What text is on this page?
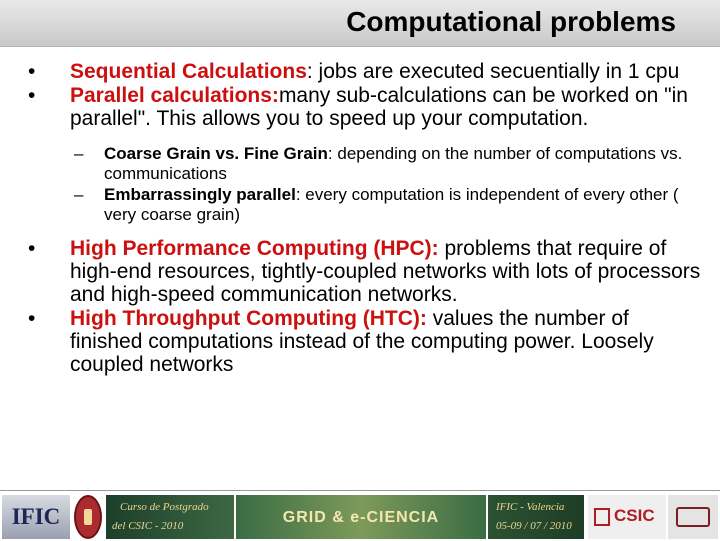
Computational problems
• Sequential Calculations: jobs are executed secuentially in 1 cpu
• Parallel calculations:many sub-calculations can be worked on "in parallel". This allows you to speed up your computation.
– Coarse Grain vs. Fine Grain: depending on the number of computations vs. communications
– Embarrassingly parallel: every computation is independent of every other ( very coarse grain)
• High Performance Computing (HPC): problems that require of high-end resources, tightly-coupled networks with lots of processors and high-speed communication networks.
• High Throughput Computing (HTC): values the number of finished computations instead of the computing power. Loosely coupled networks
IFIC	Curso de Postgrado
del CSIC - 2010	GRID & e-CIENCIA
IFIC - Valencia
05-09 / 07 / 2010
CSIC
